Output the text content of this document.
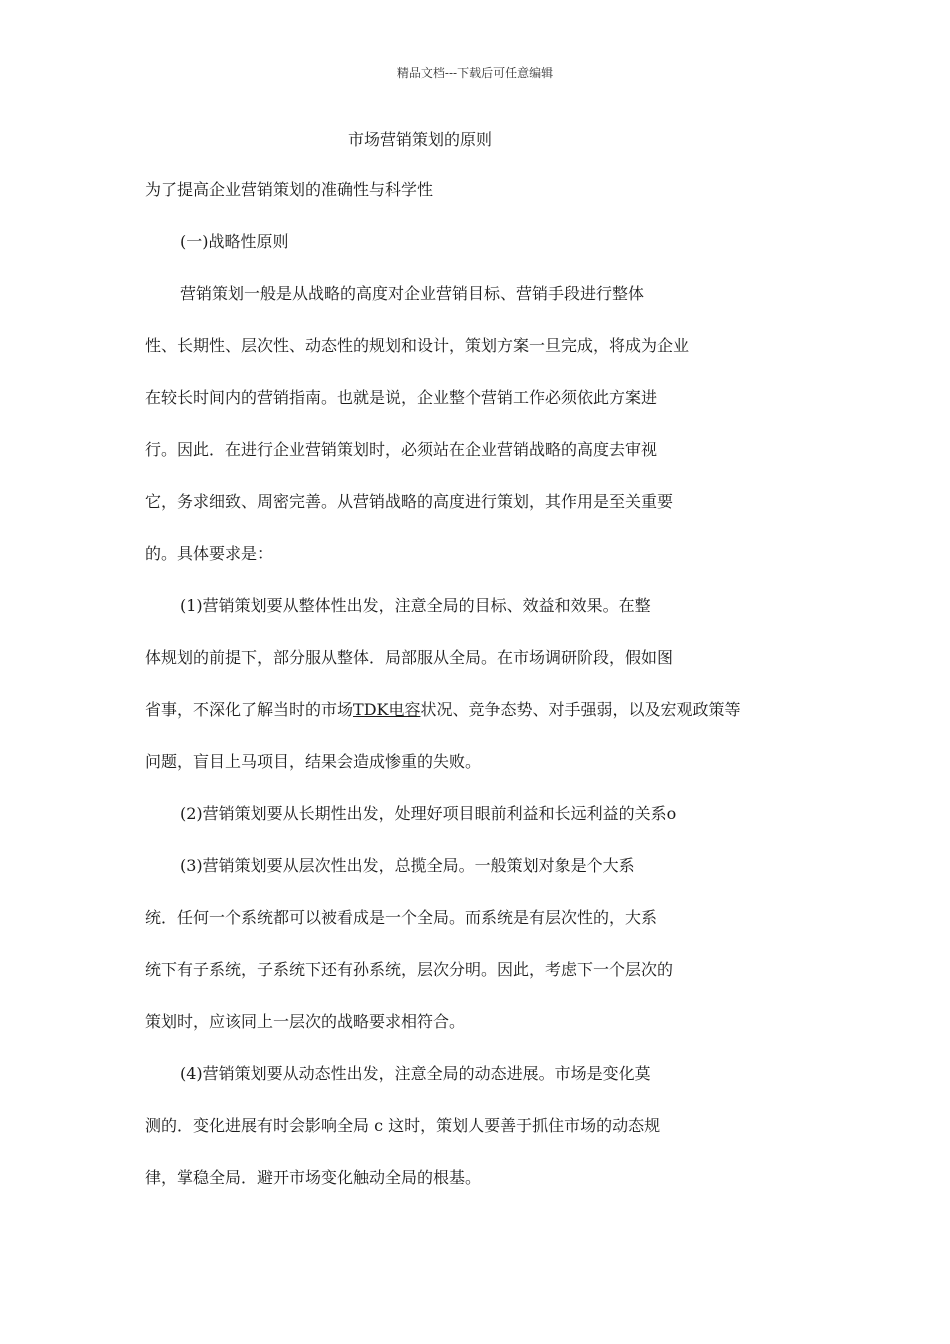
精品文档---下载后可任意编辑
市场营销策划的原则
为了提高企业营销策划的准确性与科学性
(一)战略性原则
营销策划一般是从战略的高度对企业营销目标、营销手段进行整体
性、长期性、层次性、动态性的规划和设计，策划方案一旦完成，将成为企业
在较长时间内的营销指南。也就是说，企业整个营销工作必须依此方案进
行。因此．在进行企业营销策划时，必须站在企业营销战略的高度去审视
它，务求细致、周密完善。从营销战略的高度进行策划，其作用是至关重要
的。具体要求是：
(1)营销策划要从整体性出发，注意全局的目标、效益和效果。在整
体规划的前提下，部分服从整体．局部服从全局。在市场调研阶段，假如图
省事，不深化了解当时的市场TDK电容状况、竞争态势、对手强弱，以及宏观政策等
问题，盲目上马项目，结果会造成惨重的失败。
(2)营销策划要从长期性出发，处理好项目眼前利益和长远利益的关系o
(3)营销策划要从层次性出发，总揽全局。一般策划对象是个大系
统．任何一个系统都可以被看成是一个全局。而系统是有层次性的，大系
统下有子系统，子系统下还有孙系统，层次分明。因此，考虑下一个层次的
策划时，应该同上一层次的战略要求相符合。
(4)营销策划要从动态性出发，注意全局的动态进展。市场是变化莫
测的．变化进展有时会影响全局 c 这时，策划人要善于抓住市场的动态规
律，掌稳全局．避开市场变化触动全局的根基。
